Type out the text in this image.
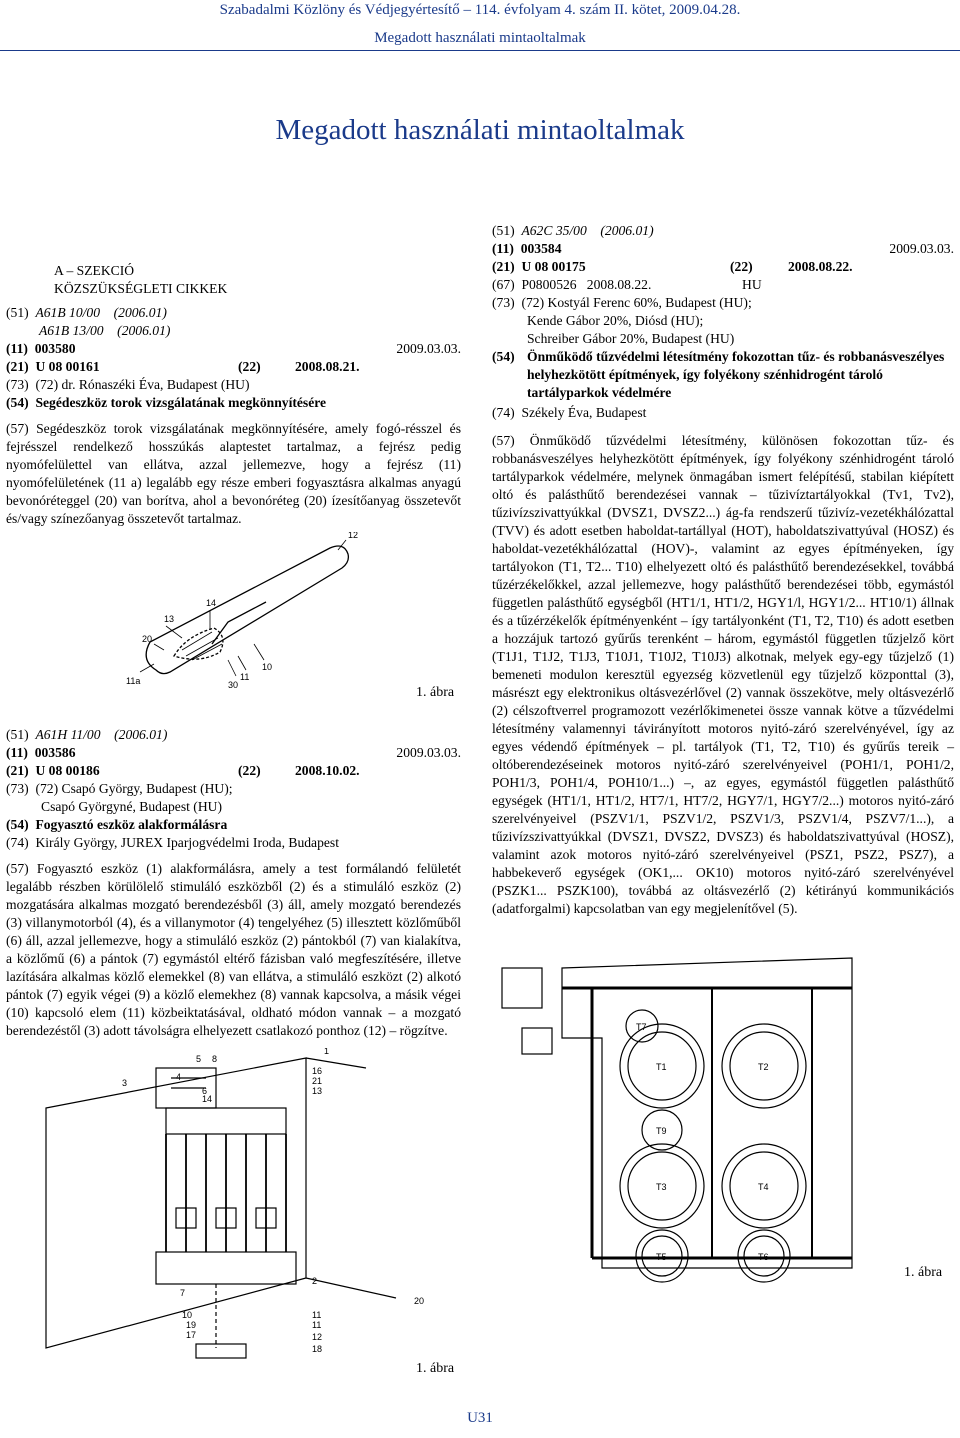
Szabadalmi Közlöny és Védjegyértesítő – 114. évfolyam 4. szám II. kötet, 2009.04.28.
Megadott használati mintaoltalmak
Megadott használati mintaoltalmak
A – SZEKCIÓ
KÖZSZÜKSÉGLETI CIKKEK
(51) A61B 10/00 (2006.01)
A61B 13/00 (2006.01)
(11) 003580	2009.03.03.
(21) U 08 00161	(22)	2008.08.21.
(73) (72) dr. Rónaszéki Éva, Budapest (HU)
(54) Segédeszköz torok vizsgálatának megkönnyítésére
(57) Segédeszköz torok vizsgálatának megkönnyítésére, amely fogó-résszel és fejrésszel rendelkező hosszúkás alaptestet tartalmaz, a fejrész pedig nyomófelülettel van ellátva, azzal jellemezve, hogy a fejrész (11) nyomófelületének (11 a) legalább egy része emberi fogyasztásra alkalmas anyagú bevonóréteggel (20) van borítva, ahol a bevonóréteg (20) ízesítőanyag összetevőt és/vagy színezőanyag összetevőt tartalmaz.
12
14
13
20
11a	30
11
10
1. ábra
(51) A61H 11/00 (2006.01)
(11) 003586	2009.03.03.
(21) U 08 00186	(22)	2008.10.02.
(73) (72) Csapó György, Budapest (HU);
Csapó Györgyné, Budapest (HU)
(54) Fogyasztó eszköz alakformálásra
(74) Király György, JUREX Iparjogvédelmi Iroda, Budapest
(57) Fogyasztó eszköz (1) alakformálásra, amely a test formálandó felületét legalább részben körülölelő stimuláló eszközből (2) és a stimuláló eszköz (2) mozgatására alkalmas mozgató berendezésből (3) áll, amely mozgató berendezés (3) villanymotorból (4), és a villanymotor (4) tengelyéhez (5) illesztett közlőműből (6) áll, azzal jellemezve, hogy a stimuláló eszköz (2) pántokból (7) van kialakítva, a közlőmű (6) a pántok (7) egymástól eltérő fázisban való megfeszítésére, illetve lazítására alkalmas közlő elemekkel (8) van ellátva, a stimuláló eszközt (2) alkotó pántok (7) egyik végei (9) a közlő elemekhez (8) vannak kapcsolva, a másik végei (10) kapcsoló elem (11) közbeiktatásával, oldható módon vannak – a mozgató berendezéstől (3) adott távolságra elhelyezett csatlakozó ponthoz (12) – rögzítve.
1
3
4
5 8
6
14
16
21
13
7
2
20
10
19
17
11
11
12
18
1. ábra
(51) A62C 35/00 (2006.01)
(11) 003584	2009.03.03.
(21) U 08 00175	(22)	2008.08.22.
(67) P0800526 2008.08.22.	HU
(73) (72) Kostyál Ferenc 60%, Budapest (HU);
Kende Gábor 20%, Diósd (HU);
Schreiber Gábor 20%, Budapest (HU)
(54) Önműködő tűzvédelmi létesítmény fokozottan tűz- és robbanásveszélyes helyhezkötött építmények, így folyékony szénhidrogént tároló tartályparkok védelmére
(74) Székely Éva, Budapest
(57) Önműködő tűzvédelmi létesítmény, különösen fokozottan tűz- és robbanásveszélyes helyhezkötött építmények, így folyékony szénhidrogént tároló tartályparkok védelmére, melynek önmagában ismert felépítésű, stabilan kiépített oltó és palásthűtő berendezései vannak – tűzivíztartályokkal (Tv1, Tv2), tűzivízszivattyúkkal (DVSZ1, DVSZ2...) ág-fa rendszerű tűzivíz-vezetékhálózattal (TVV) és adott esetben haboldat-tartállyal (HOT), haboldatszivattyúval (HOSZ) és haboldat-vezetékhálózattal (HOV)-, valamint az egyes építményeken, így tartályokon (T1, T2... T10) elhelyezett oltó és palásthűtő berendezésekkel, továbbá tűzérzékelőkkel, azzal jellemezve, hogy palásthűtő berendezései több, egymástól független palásthűtő egységből (HT1/1, HT1/2, HGY1/l, HGY1/2... HT10/1) állnak és a tűzérzékelők építményenként – így tartályonként (T1, T2, T10) és adott esetben a hozzájuk tartozó gyűrűs terenként – három, egymástól független tűzjelző kört (T1J1, T1J2, T1J3, T10J1, T10J2, T10J3) alkotnak, melyek egy-egy tűzjelző (1) bemeneti modulon keresztül egyezség közvetlenül egy tűzjelző központtal (3), másrészt egy elektronikus oltásvezérlővel (2) vannak összekötve, mely oltásvezérlő (2) célszoftverrel programozott vezérlőkimenetei össze vannak kötve a tűzvédelmi létesítmény valamennyi távirányított motoros nyitó-záró szerelvényével, így az egyes védendő építmények – pl. tartályok (T1, T2, T10) és gyűrűs tereik – oltóberendezéseinek motoros nyitó-záró szerelvényeivel (POH1/1, POH1/2, POH1/3, POH1/4, POH10/1...) –, az egyes, egymástól független palásthűtő egységek (HT1/1, HT1/2, HT7/1, HT7/2, HGY7/1, HGY7/2...) motoros nyitó-záró szerelvényeivel (PSZV1/1, PSZV1/2, PSZV1/3, PSZV1/4, PSZV7/1...), a tűzivízszivattyúkkal (DVSZ1, DVSZ2, DVSZ3) és haboldatszivattyúval (HOSZ), valamint azok motoros nyitó-záró szerelvényeivel (PSZ1, PSZ2, PSZ7), a habbekeverő egységek (OK1,... OK10) motoros nyitó-záró szerelvényével (PSZK1... PSZK100), továbbá az oltásvezérlő (2) kétirányú kommunikációs (adatforgalmi) kapcsolatban van egy megjelenítővel (5).
T7
T1	T2
T9
T3	T4
T5	T6
1. ábra
U31
